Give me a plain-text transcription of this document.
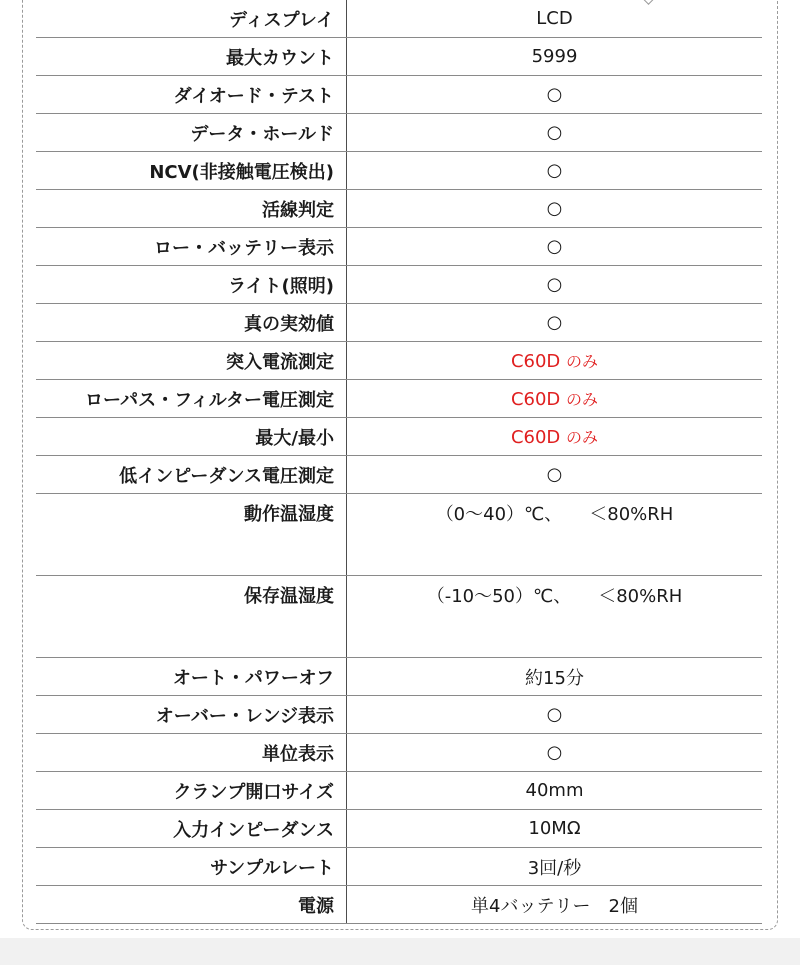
ディスプレイ	LCD
最大カウント	5999
ダイオード・テスト	○
データ・ホールド	○
NCV(非接触電圧検出)	○
活線判定	○
ロー・バッテリー表示	○
ライト(照明)	○
真の実効値	○
突入電流測定	C60D のみ
ローパス・フィルター電圧測定	C60D のみ
最大/最小	C60D のみ
低インピーダンス電圧測定	○
動作温湿度	（0～40）℃、　　＜80%RH
保存温湿度	（-10～50）℃、　　＜80%RH
オート・パワーオフ	約15分
オーバー・レンジ表示	○
単位表示	○
クランプ開口サイズ	40mm
入力インピーダンス	10MΩ
サンプルレート	3回/秒
電源	単4バッテリー　2個
